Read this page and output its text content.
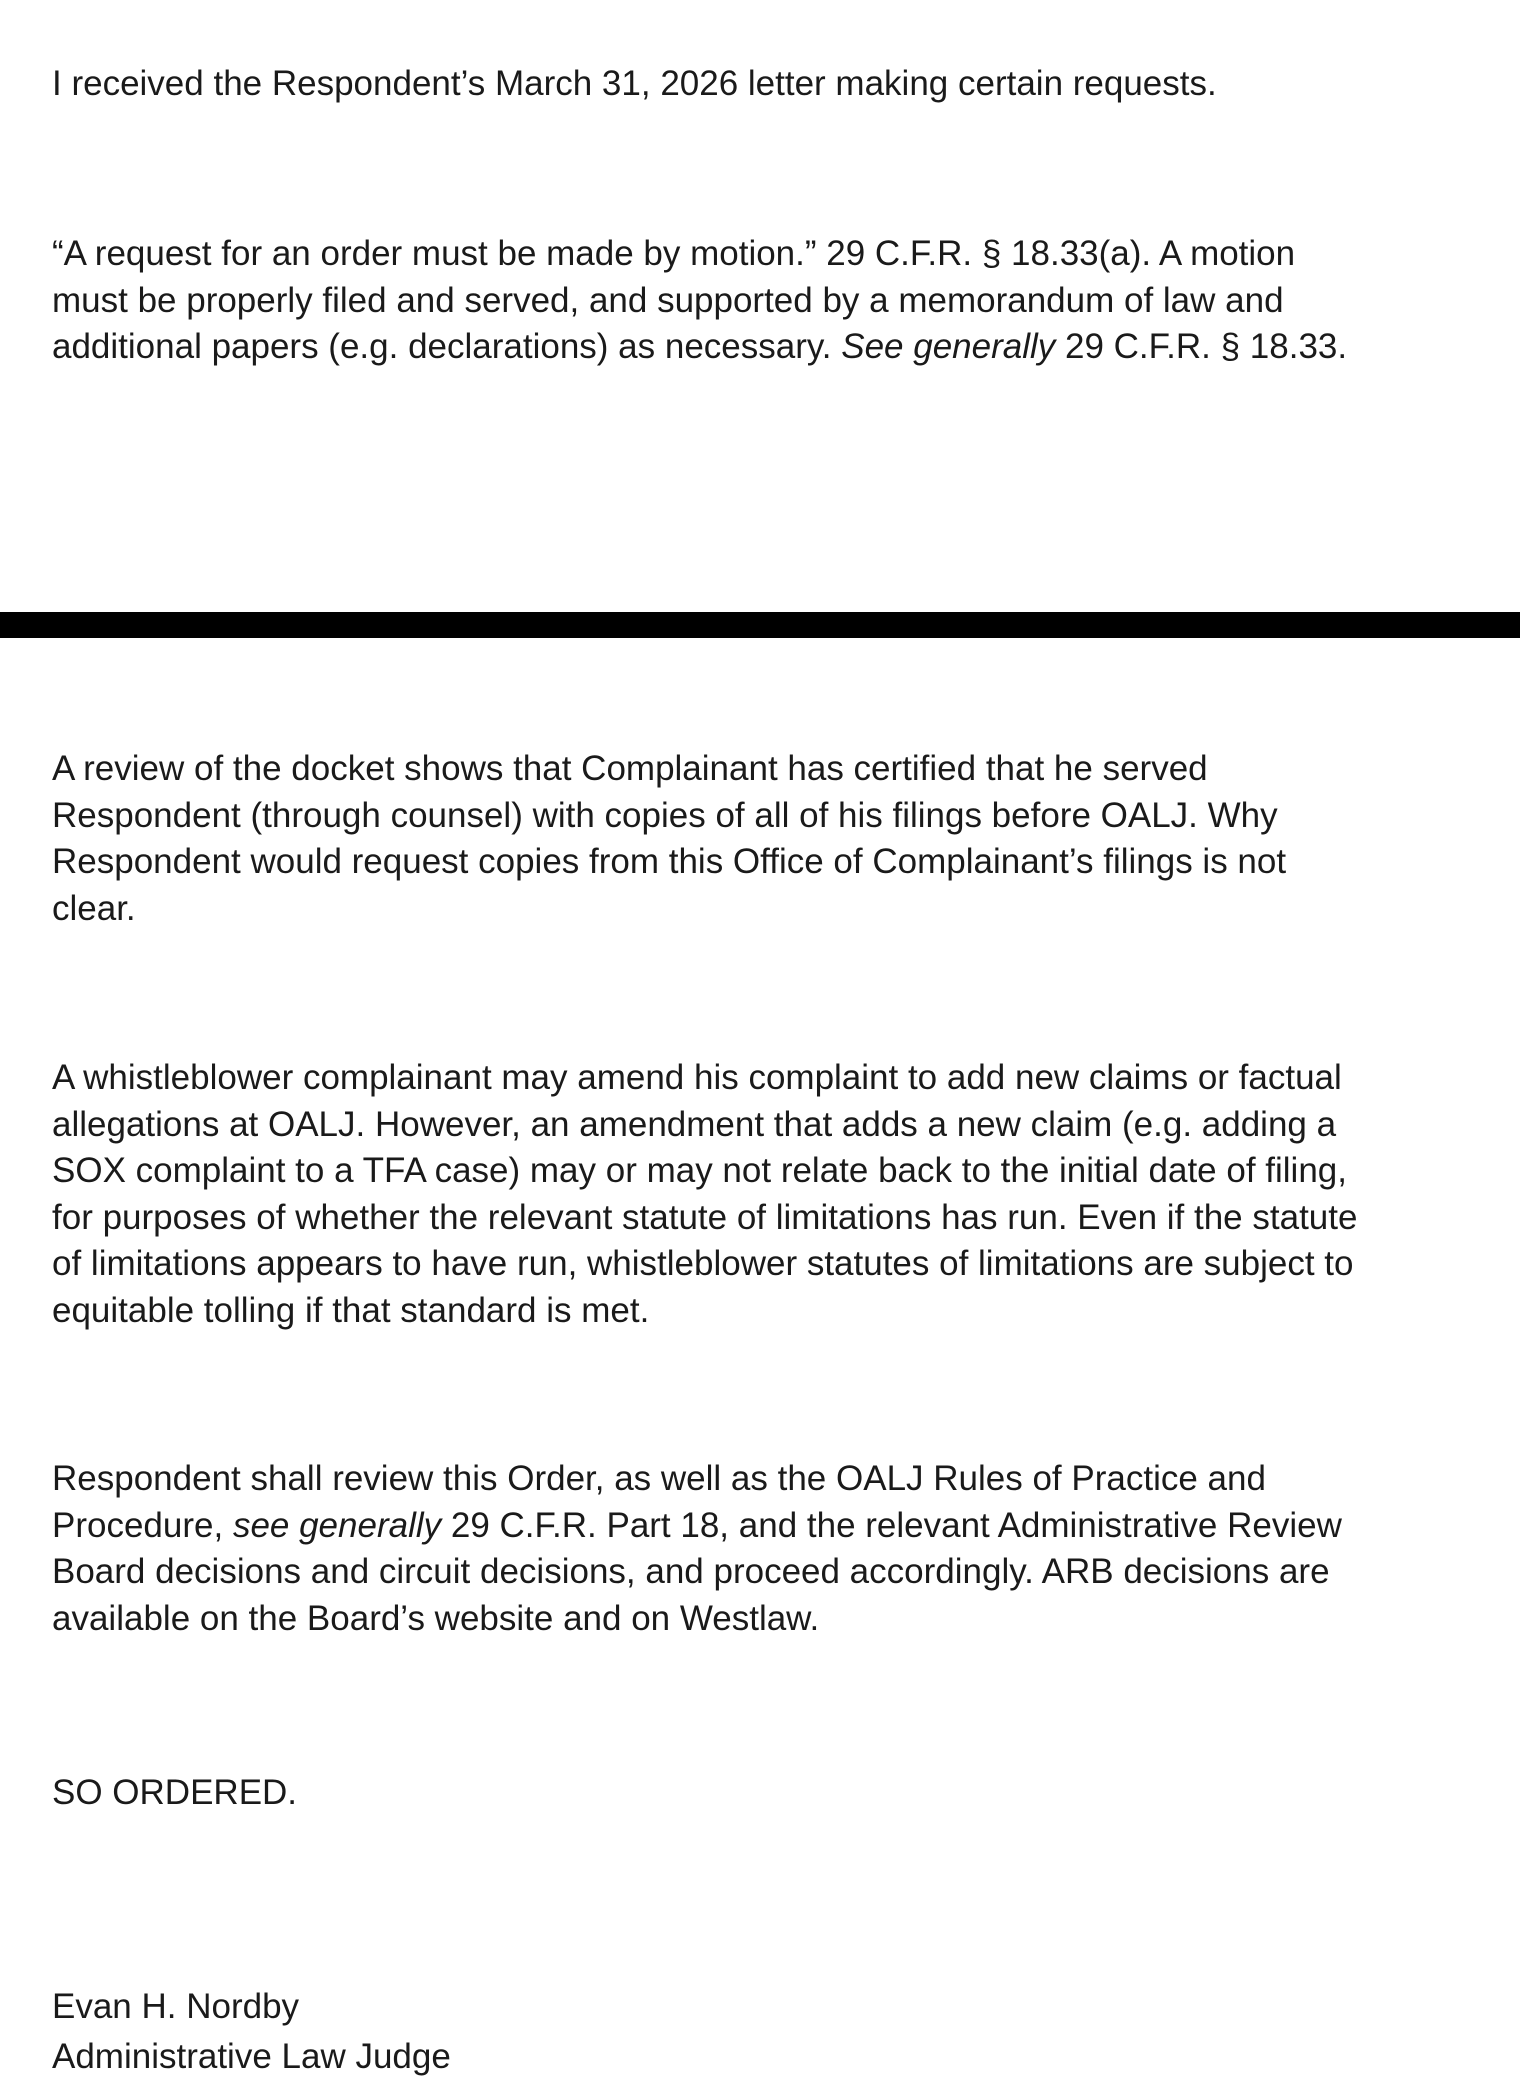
I received the Respondent’s March 31, 2026 letter making certain requests.

“A request for an order must be made by motion.” 29 C.F.R. § 18.33(a). A motion
must be properly filed and served, and supported by a memorandum of law and
additional papers (e.g. declarations) as necessary. See generally 29 C.F.R. § 18.33.

A review of the docket shows that Complainant has certified that he served
Respondent (through counsel) with copies of all of his filings before OALJ. Why
Respondent would request copies from this Office of Complainant’s filings is not
clear.

A whistleblower complainant may amend his complaint to add new claims or factual
allegations at OALJ. However, an amendment that adds a new claim (e.g. adding a
SOX complaint to a TFA case) may or may not relate back to the initial date of filing,
for purposes of whether the relevant statute of limitations has run. Even if the statute
of limitations appears to have run, whistleblower statutes of limitations are subject to
equitable tolling if that standard is met.

Respondent shall review this Order, as well as the OALJ Rules of Practice and
Procedure, see generally 29 C.F.R. Part 18, and the relevant Administrative Review
Board decisions and circuit decisions, and proceed accordingly. ARB decisions are
available on the Board’s website and on Westlaw.

SO ORDERED.

Evan H. Nordby

Administrative Law Judge
